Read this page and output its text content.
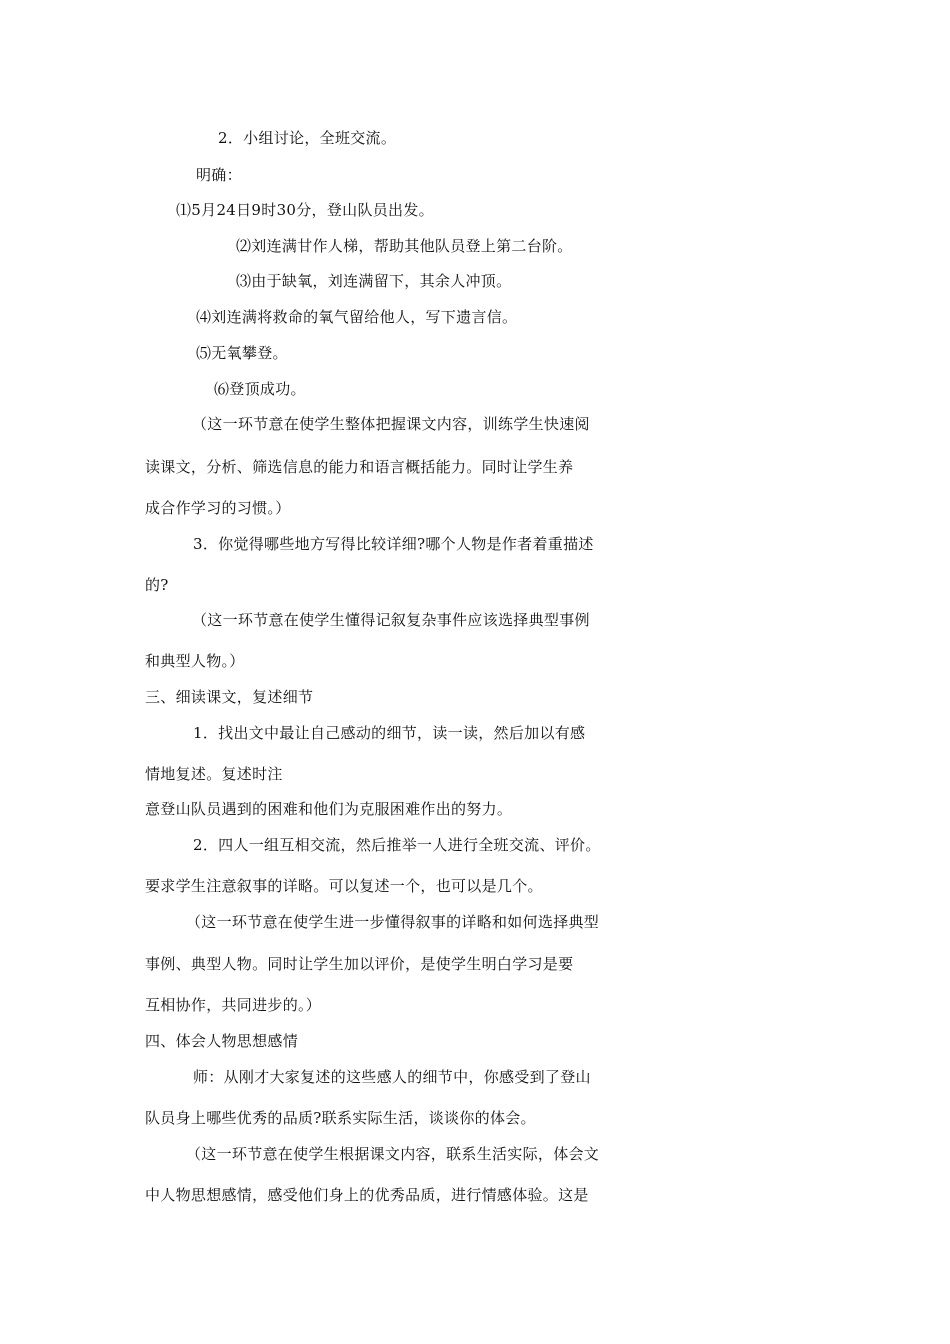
2．小组讨论，全班交流。
明确：
⑴5月24日9时30分，登山队员出发。
⑵刘连满甘作人梯，帮助其他队员登上第二台阶。
⑶由于缺氧，刘连满留下，其余人冲顶。
⑷刘连满将救命的氧气留给他人，写下遗言信。
⑸无氧攀登。
⑹登顶成功。
（这一环节意在使学生整体把握课文内容，训练学生快速阅
读课文，分析、筛选信息的能力和语言概括能力。同时让学生养
成合作学习的习惯。）
3．你觉得哪些地方写得比较详细?哪个人物是作者着重描述
的?
（这一环节意在使学生懂得记叙复杂事件应该选择典型事例
和典型人物。）
三、细读课文，复述细节
1．找出文中最让自己感动的细节，读一读，然后加以有感
情地复述。复述时注
意登山队员遇到的困难和他们为克服困难作出的努力。
2．四人一组互相交流，然后推举一人进行全班交流、评价。
要求学生注意叙事的详略。可以复述一个，也可以是几个。
（这一环节意在使学生进一步懂得叙事的详略和如何选择典型
事例、典型人物。同时让学生加以评价，是使学生明白学习是要
互相协作，共同进步的。）
四、体会人物思想感情
师：从刚才大家复述的这些感人的细节中，你感受到了登山
队员身上哪些优秀的品质?联系实际生活，谈谈你的体会。
（这一环节意在使学生根据课文内容，联系生活实际，体会文
中人物思想感情，感受他们身上的优秀品质，进行情感体验。这是
